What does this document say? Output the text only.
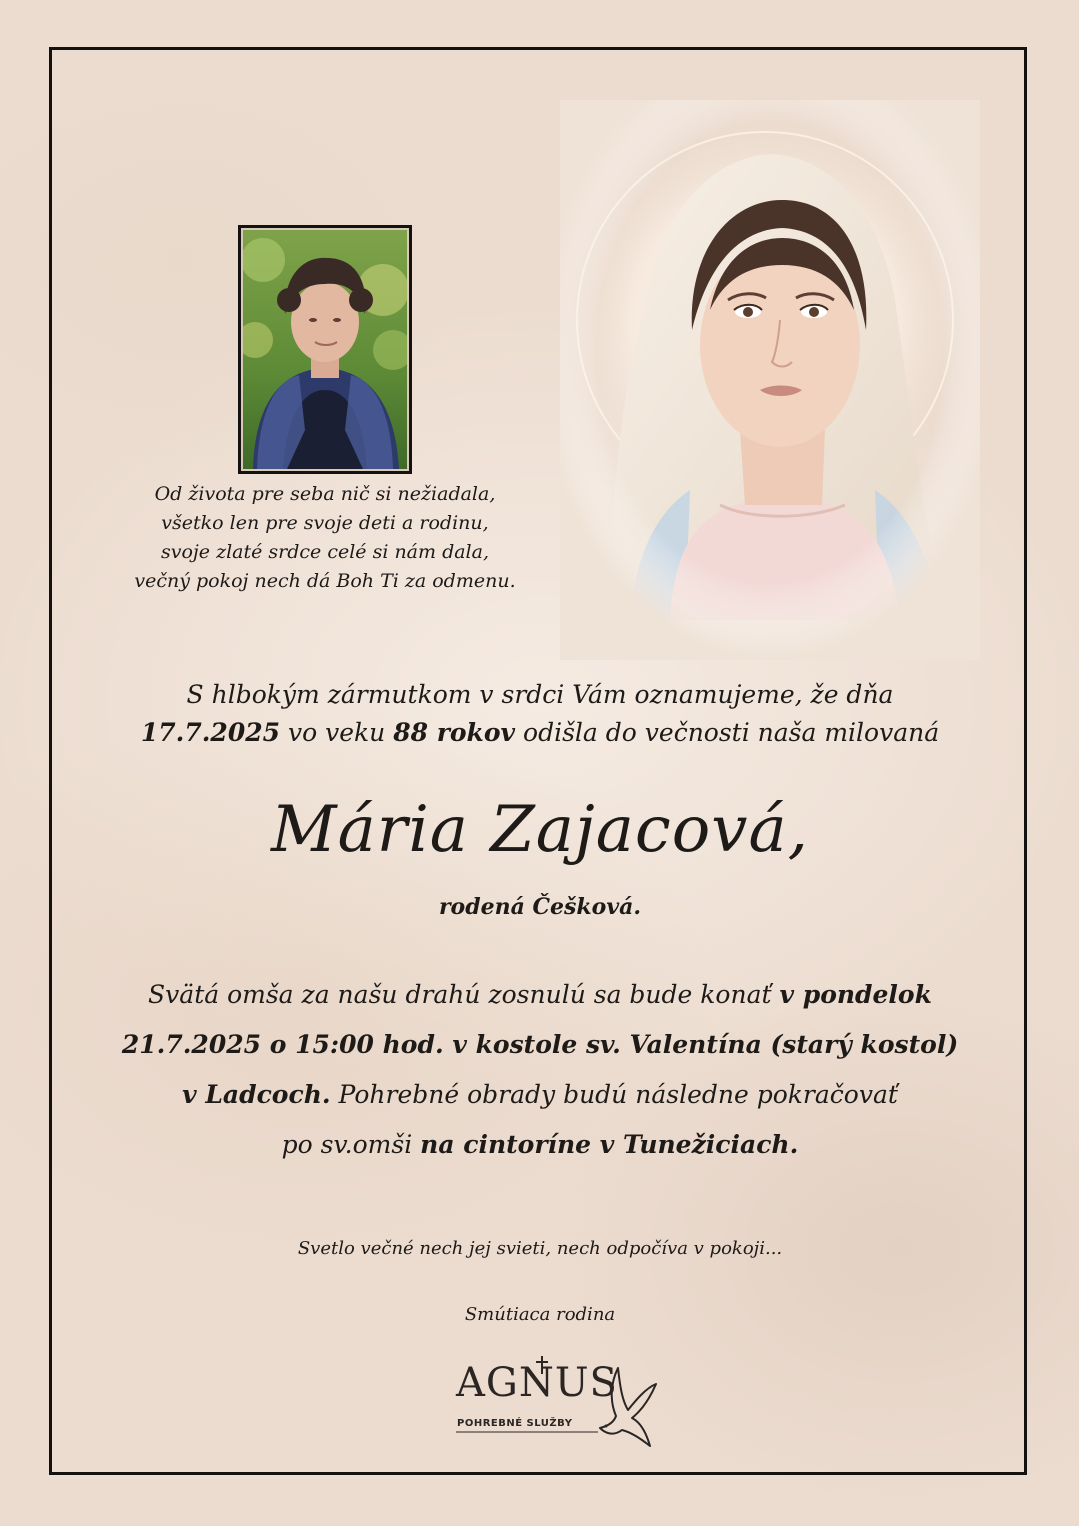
Od života pre seba nič si nežiadala,
všetko len pre svoje deti a rodinu,
svoje zlaté srdce celé si nám dala,
večný pokoj nech dá Boh Ti za odmenu.
S hlbokým zármutkom v srdci Vám oznamujeme, že dňa
17.7.2025 vo veku 88 rokov odišla do večnosti naša milovaná
Mária Zajacová,
rodená Češková.
Svätá omša za našu drahú zosnulú sa bude konať v pondelok
21.7.2025 o 15:00 hod. v kostole sv. Valentína (starý kostol)
v Ladcoch. Pohrebné obrady budú následne pokračovať
po sv.omši na cintoríne v Tunežiciach.
Svetlo večné nech jej svieti, nech odpočíva v pokoji...
Smútiaca rodina
AGNUS
POHREBNÉ SLUŽBY
